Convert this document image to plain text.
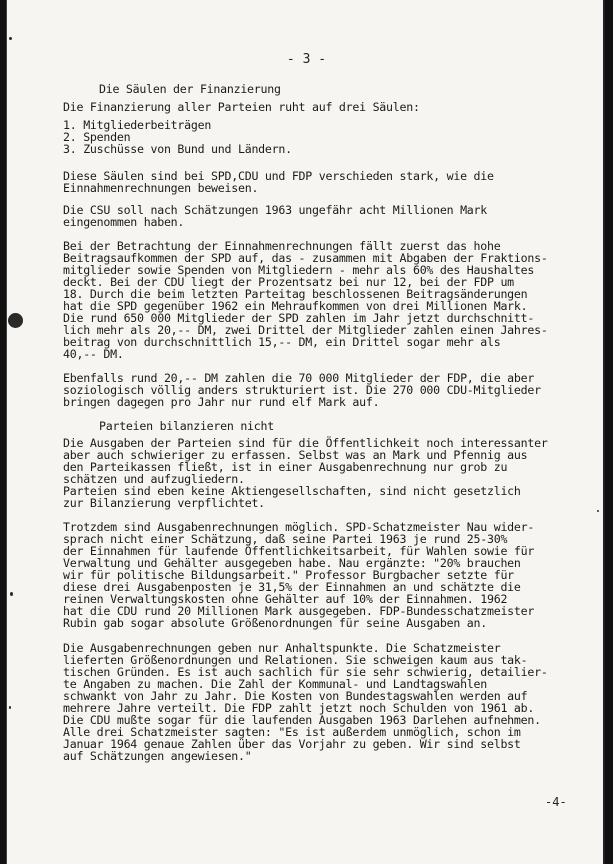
- 3 -
Die Säulen der Finanzierung
Die Finanzierung aller Parteien ruht auf drei Säulen:
1. Mitgliederbeiträgen
2. Spenden
3. Zuschüsse von Bund und Ländern.
Diese Säulen sind bei SPD,CDU und FDP verschieden stark, wie die
Einnahmenrechnungen beweisen.
Die CSU soll nach Schätzungen 1963 ungefähr acht Millionen Mark
eingenommen haben.
Bei der Betrachtung der Einnahmenrechnungen fällt zuerst das hohe
Beitragsaufkommen der SPD auf, das - zusammen mit Abgaben der Fraktions-
mitglieder sowie Spenden von Mitgliedern - mehr als 60% des Haushaltes
deckt. Bei der CDU liegt der Prozentsatz bei nur 12, bei der FDP um
18. Durch die beim letzten Parteitag beschlossenen Beitragsänderungen
hat die SPD gegenüber 1962 ein Mehraufkommen von drei Millionen Mark.
Die rund 650 000 Mitglieder der SPD zahlen im Jahr jetzt durchschnitt-
lich mehr als 20,-- DM, zwei Drittel der Mitglieder zahlen einen Jahres-
beitrag von durchschnittlich 15,-- DM, ein Drittel sogar mehr als
40,-- DM.
Ebenfalls rund 20,-- DM zahlen die 70 000 Mitglieder der FDP, die aber
soziologisch völlig anders strukturiert ist. Die 270 000 CDU-Mitglieder
bringen dagegen pro Jahr nur rund elf Mark auf.
Parteien bilanzieren nicht
Die Ausgaben der Parteien sind für die Öffentlichkeit noch interessanter
aber auch schwieriger zu erfassen. Selbst was an Mark und Pfennig aus
den Parteikassen fließt, ist in einer Ausgabenrechnung nur grob zu
schätzen und aufzugliedern.
Parteien sind eben keine Aktiengesellschaften, sind nicht gesetzlich
zur Bilanzierung verpflichtet.
Trotzdem sind Ausgabenrechnungen möglich. SPD-Schatzmeister Nau wider-
sprach nicht einer Schätzung, daß seine Partei 1963 je rund 25-30%
der Einnahmen für laufende Öffentlichkeitsarbeit, für Wahlen sowie für
Verwaltung und Gehälter ausgegeben habe. Nau ergänzte: "20% brauchen
wir für politische Bildungsarbeit." Professor Burgbacher setzte für
diese drei Ausgabenposten je 31,5% der Einnahmen an und schätzte die
reinen Verwaltungskosten ohne Gehälter auf 10% der Einnahmen. 1962
hat die CDU rund 20 Millionen Mark ausgegeben. FDP-Bundesschatzmeister
Rubin gab sogar absolute Größenordnungen für seine Ausgaben an.
Die Ausgabenrechnungen geben nur Anhaltspunkte. Die Schatzmeister
lieferten Größenordnungen und Relationen. Sie schweigen kaum aus tak-
tischen Gründen. Es ist auch sachlich für sie sehr schwierig, detailier-
te Angaben zu machen. Die Zahl der Kommunal- und Landtagswahlen
schwankt von Jahr zu Jahr. Die Kosten von Bundestagswahlen werden auf
mehrere Jahre verteilt. Die FDP zahlt jetzt noch Schulden von 1961 ab.
Die CDU mußte sogar für die laufenden Ausgaben 1963 Darlehen aufnehmen.
Alle drei Schatzmeister sagten: "Es ist außerdem unmöglich, schon im
Januar 1964 genaue Zahlen über das Vorjahr zu geben. Wir sind selbst
auf Schätzungen angewiesen."
-4-
